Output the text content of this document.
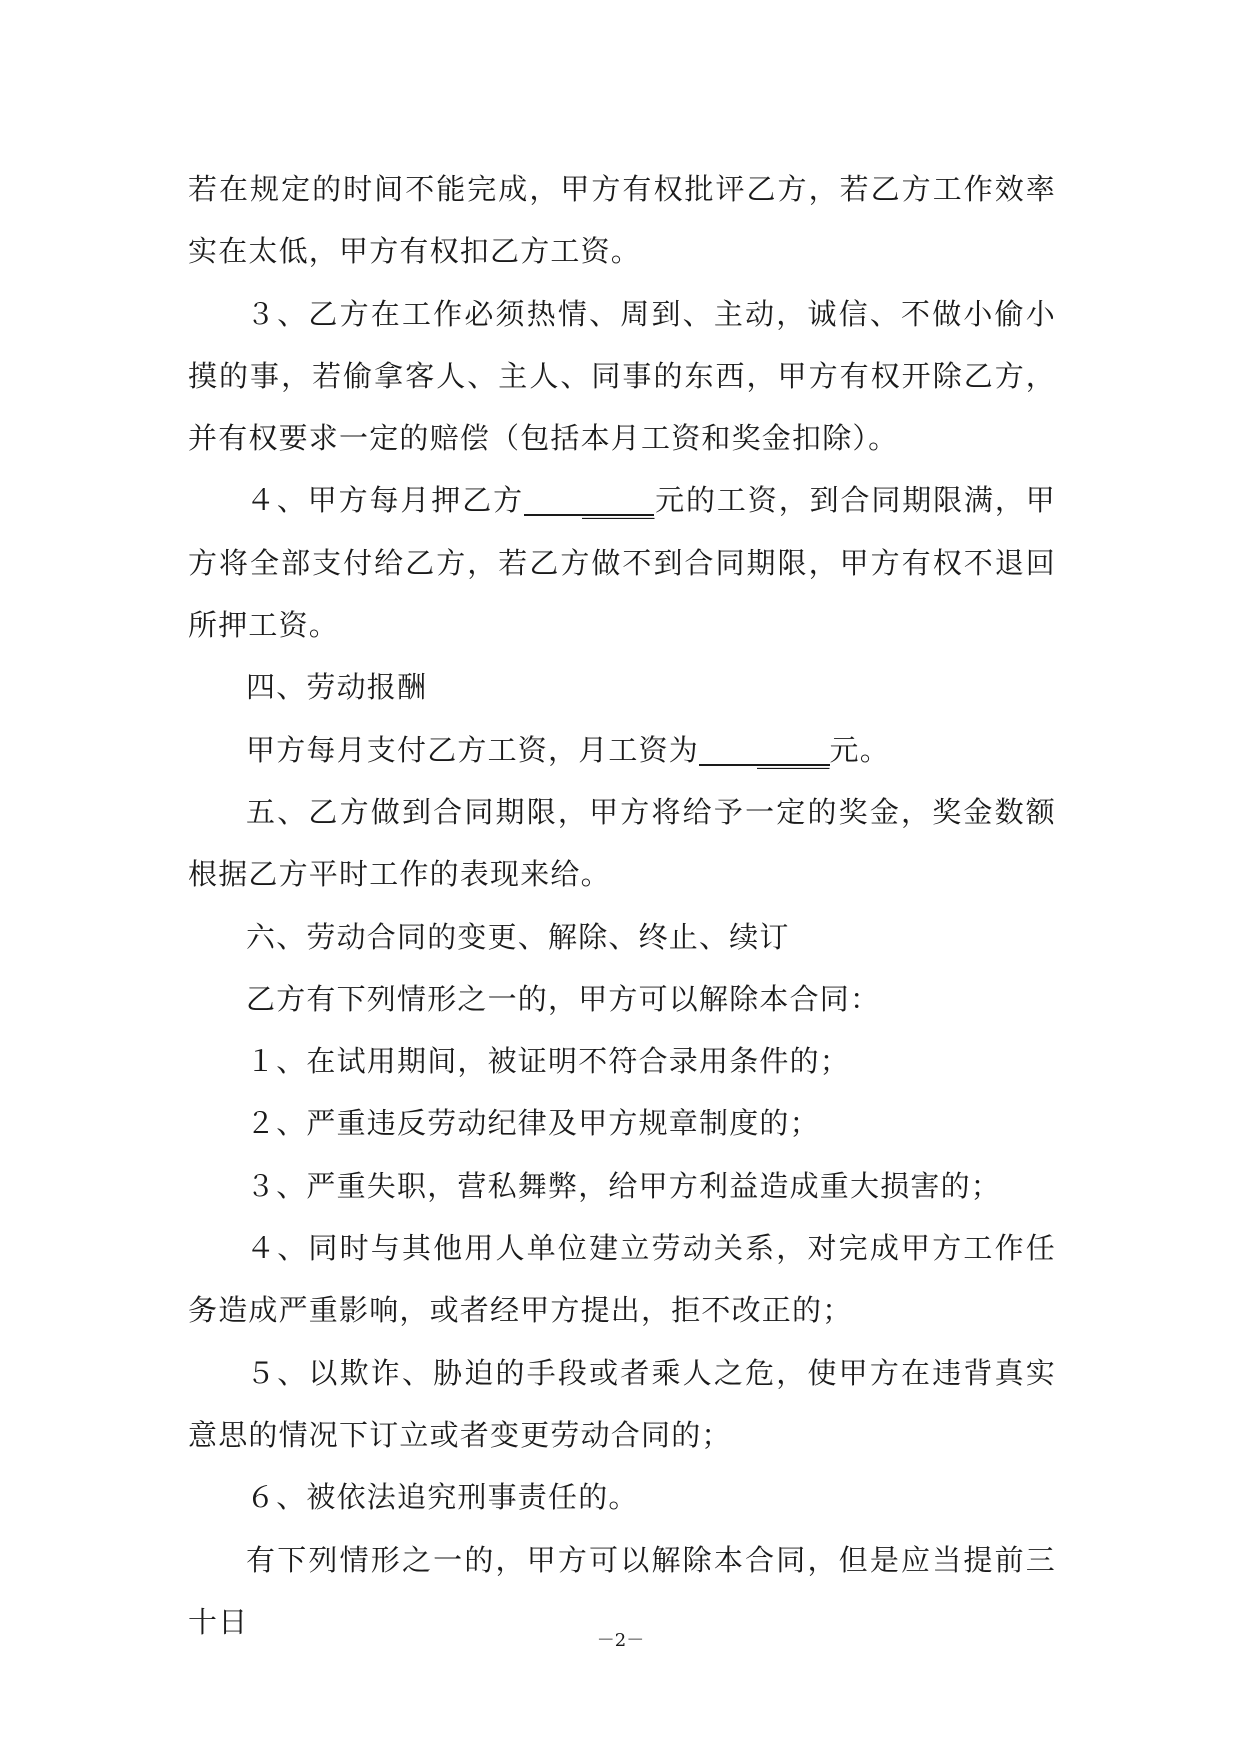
若在规定的时间不能完成，甲方有权批评乙方，若乙方工作效率实在太低，甲方有权扣乙方工资。

３、乙方在工作必须热情、周到、主动，诚信、不做小偷小摸的事，若偷拿客人、主人、同事的东西，甲方有权开除乙方，并有权要求一定的赔偿（包括本月工资和奖金扣除）。

４、甲方每月押乙方 _____元的工资，到合同期限满，甲方将全部支付给乙方，若乙方做不到合同期限，甲方有权不退回所押工资。

四、劳动报酬

甲方每月支付乙方工资，月工资为 _____元。

五、乙方做到合同期限，甲方将给予一定的奖金，奖金数额根据乙方平时工作的表现来给。

六、劳动合同的变更、解除、终止、续订

乙方有下列情形之一的，甲方可以解除本合同：

１、在试用期间，被证明不符合录用条件的；

２、严重违反劳动纪律及甲方规章制度的；

３、严重失职，营私舞弊，给甲方利益造成重大损害的；

４、同时与其他用人单位建立劳动关系，对完成甲方工作任务造成严重影响，或者经甲方提出，拒不改正的；

５、以欺诈、胁迫的手段或者乘人之危，使甲方在违背真实意思的情况下订立或者变更劳动合同的；

６、被依法追究刑事责任的。

有下列情形之一的，甲方可以解除本合同，但是应当提前三十日

－2－
